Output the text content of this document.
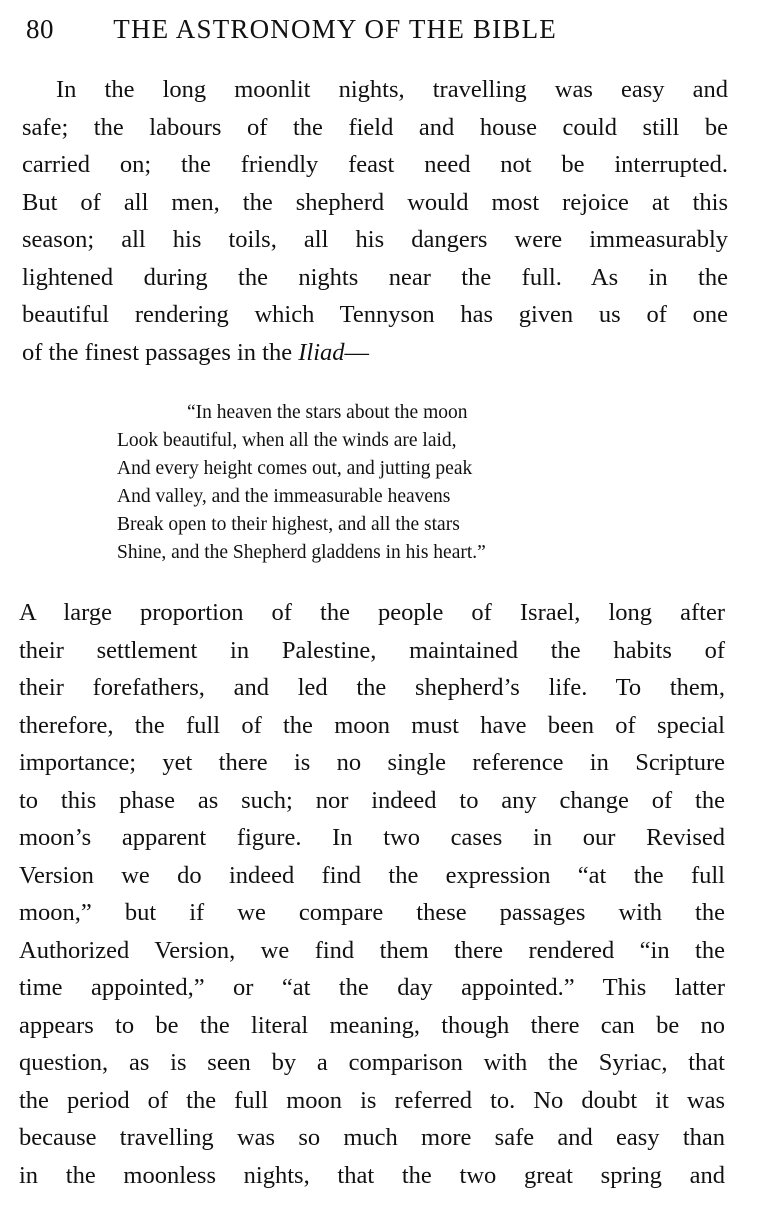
80 THE ASTRONOMY OF THE BIBLE
In the long moonlit nights, travelling was easy and
safe; the labours of the field and house could still be
carried on; the friendly feast need not be interrupted.
But of all men, the shepherd would most rejoice at this
season; all his toils, all his dangers were immeasurably
lightened during the nights near the full. As in the
beautiful rendering which Tennyson has given us of one
of the finest passages in the Iliad—
“In heaven the stars about the moon
Look beautiful, when all the winds are laid,
And every height comes out, and jutting peak
And valley, and the immeasurable heavens
Break open to their highest, and all the stars
Shine, and the Shepherd gladdens in his heart.”
A large proportion of the people of Israel, long after
their settlement in Palestine, maintained the habits of
their forefathers, and led the shepherd’s life. To them,
therefore, the full of the moon must have been of special
importance; yet there is no single reference in Scripture
to this phase as such; nor indeed to any change of the
moon’s apparent figure. In two cases in our Revised
Version we do indeed find the expression “at the full
moon,” but if we compare these passages with the
Authorized Version, we find them there rendered “in the
time appointed,” or “at the day appointed.” This latter
appears to be the literal meaning, though there can be no
question, as is seen by a comparison with the Syriac, that
the period of the full moon is referred to. No doubt it was
because travelling was so much more safe and easy than
in the moonless nights, that the two great spring and
